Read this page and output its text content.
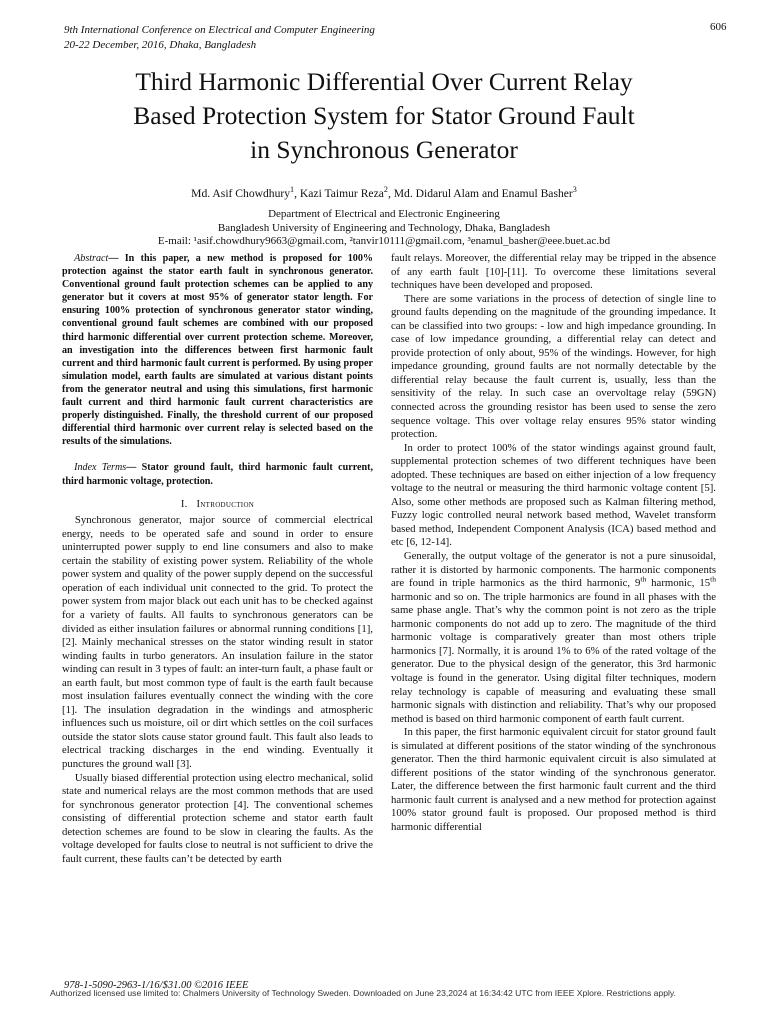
9th International Conference on Electrical and Computer Engineering
20-22 December, 2016, Dhaka, Bangladesh
606
Third Harmonic Differential Over Current Relay
Based Protection System for Stator Ground Fault
in Synchronous Generator
Md. Asif Chowdhury$^1$, Kazi Taimur Reza$^2$, Md. Didarul Alam and Enamul Basher$^3$
Department of Electrical and Electronic Engineering
Bangladesh University of Engineering and Technology, Dhaka, Bangladesh
E-mail: ¹asif.chowdhury9663@gmail.com, ²tanvir10111@gmail.com, ³enamul_basher@eee.buet.ac.bd

Abstract— In this paper, a new method is proposed for 100% protection against the stator earth fault in synchronous generator. Conventional ground fault protection schemes can be applied to any generator but it covers at most 95% of generator stator length. For ensuring 100% protection of synchronous generator stator winding, conventional ground fault schemes are combined with our proposed third harmonic differential over current protection scheme. Moreover, an investigation into the differences between first harmonic fault current and third harmonic fault current is performed. By using proper simulation model, earth faults are simulated at various distant points from the generator neutral and using this simulations, first harmonic fault current and third harmonic fault current characteristics are properly distinguished. Finally, the threshold current of our proposed differential third harmonic over current relay is selected based on the results of the simulations.

Index Terms— Stator ground fault, third harmonic fault current, third harmonic voltage, protection.

I. Introduction

Synchronous generator, major source of commercial electrical energy, needs to be operated safe and sound in order to ensure uninterrupted power supply to end line consumers and also to make certain the stability of existing power system. Reliability of the whole power system and quality of the power supply depend on the successful operation of each individual unit connected to the grid. To protect the power system from major black out each unit has to be checked against for a variety of faults. All faults to synchronous generators can be divided as either insulation failures or abnormal running conditions [1], [2]. Mainly mechanical stresses on the stator winding result in stator winding faults in turbo generators. An insulation failure in the stator winding can result in 3 types of fault: an inter-turn fault, a phase fault or an earth fault, but most common type of fault is the earth fault because most insulation failures eventually connect the winding with the core [1]. The insulation degradation in the windings and atmospheric influences such us moisture, oil or dirt which settles on the coil surfaces outside the stator slots cause stator ground fault. This fault also leads to electrical tracking discharges in the end winding. Eventually it punctures the ground wall [3].

Usually biased differential protection using electro mechanical, solid state and numerical relays are the most common methods that are used for synchronous generator protection [4]. The conventional schemes consisting of differential protection scheme and stator earth fault detection schemes are found to be slow in clearing the faults. As the voltage developed for faults close to neutral is not sufficient to drive the fault current, these faults can’t be detected by earth

fault relays. Moreover, the differential relay may be tripped in the absence of any earth fault [10]-[11]. To overcome these limitations several techniques have been developed and proposed.

There are some variations in the process of detection of single line to ground faults depending on the magnitude of the grounding impedance. It can be classified into two groups: - low and high impedance grounding. In case of low impedance grounding, a differential relay can detect and provide protection of only about, 95% of the windings. However, for high impedance grounding, ground faults are not normally detectable by the differential relay because the fault current is, usually, less than the sensitivity of the relay. In such case an overvoltage relay (59GN) connected across the grounding resistor has been used to sense the zero sequence voltage. This over voltage relay ensures 95% stator winding protection.

In order to protect 100% of the stator windings against ground fault, supplemental protection schemes of two different techniques have been adopted. These techniques are based on either injection of a low frequency voltage to the neutral or measuring the third harmonic voltage content [5]. Also, some other methods are proposed such as Kalman filtering method, Fuzzy logic controlled neural network based method, Wavelet transform based method, Independent Component Analysis (ICA) based method and etc [6, 12-14].

Generally, the output voltage of the generator is not a pure sinusoidal, rather it is distorted by harmonic components. The harmonic components are found in triple harmonics as the third harmonic, 9th harmonic, 15th harmonic and so on. The triple harmonics are found in all phases with the same phase angle. That’s why the common point is not zero as the triple harmonic components do not add up to zero. The magnitude of the third harmonic voltage is comparatively greater than most others triple harmonics [7]. Normally, it is around 1% to 6% of the rated voltage of the generator. Due to the physical design of the generator, this 3rd harmonic voltage is found in the generator. Using digital filter techniques, modern relay technology is capable of measuring and evaluating these small harmonic signals with distinction and reliability. That’s why our proposed method is based on third harmonic component of earth fault current.

In this paper, the first harmonic equivalent circuit for stator ground fault is simulated at different positions of the stator winding of the synchronous generator. Then the third harmonic equivalent circuit is also simulated at different positions of the stator winding of the synchronous generator. Later, the difference between the first harmonic fault current and the third harmonic fault current is analysed and a new method for protection against 100% stator ground fault is proposed. Our proposed method is third harmonic differential

978-1-5090-2963-1/16/$31.00 ©2016 IEEE
Authorized licensed use limited to: Chalmers University of Technology Sweden. Downloaded on June 23,2024 at 16:34:42 UTC from IEEE Xplore. Restrictions apply.
